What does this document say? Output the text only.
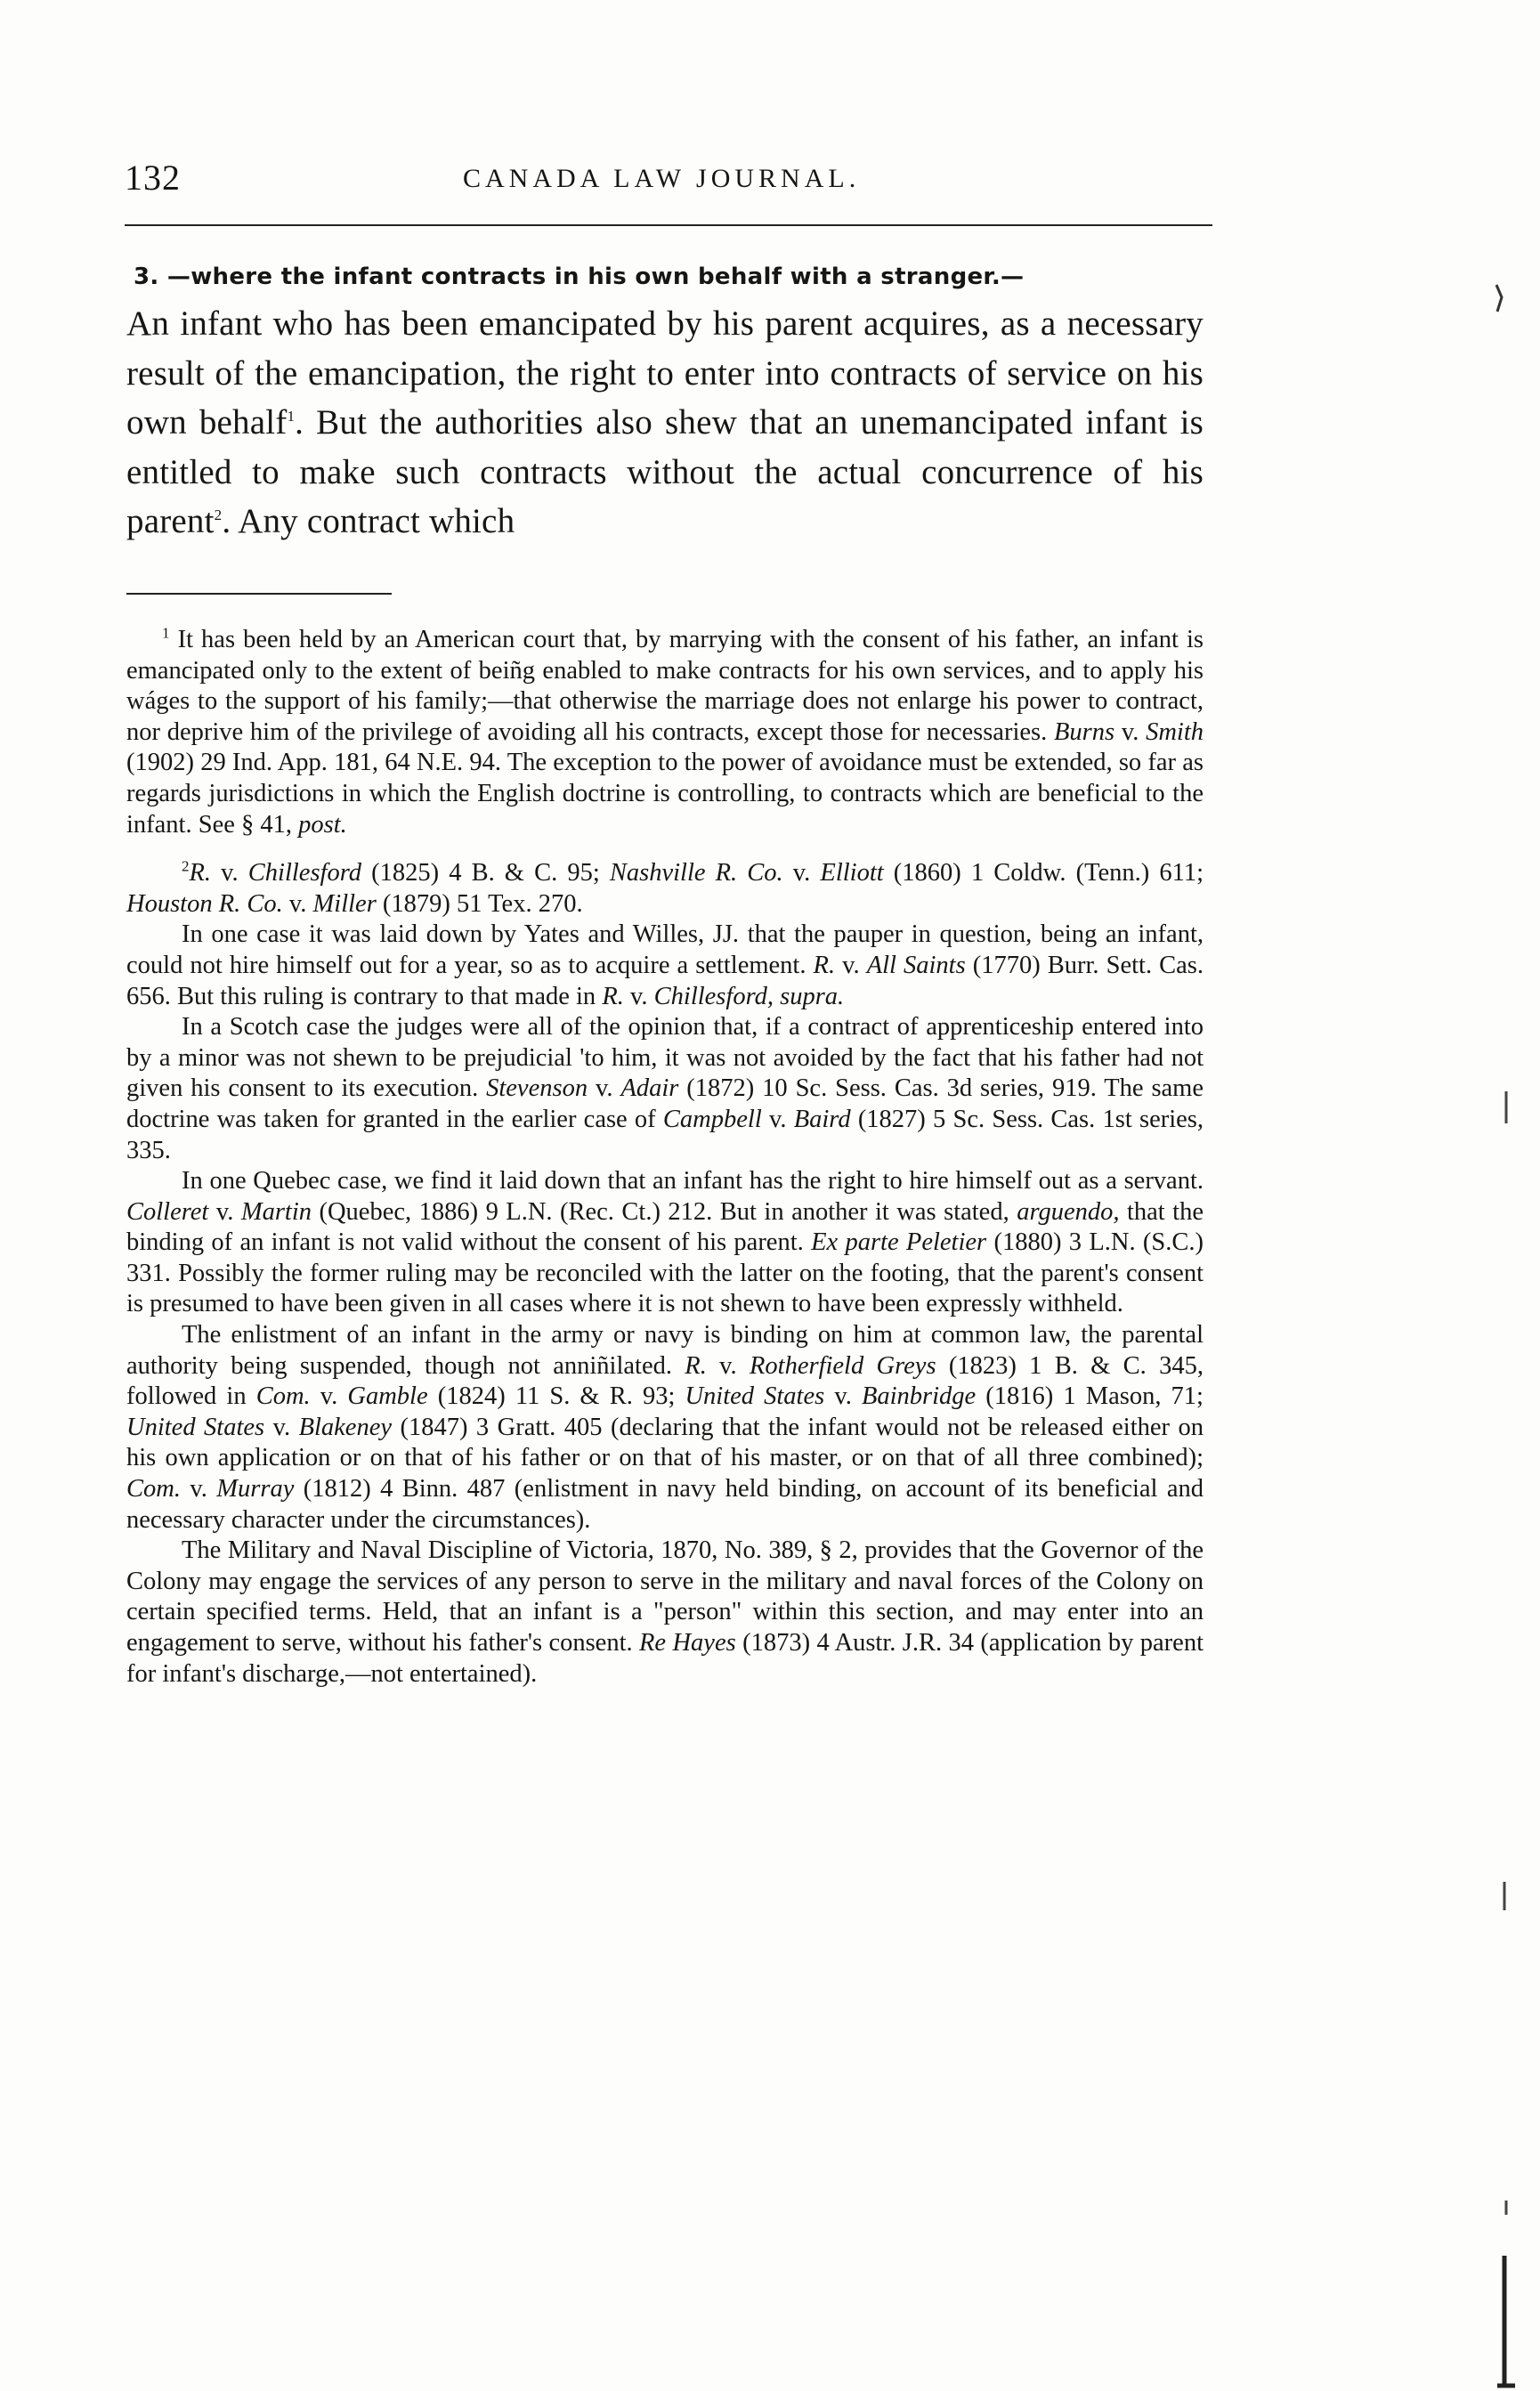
132	CANADA LAW JOURNAL.
3. —where the infant contracts in his own behalf with a stranger.—

An infant who has been emancipated by his parent acquires, as a necessary result of the emancipation, the right to enter into contracts of service on his own behalf$^1$. But the authorities also shew that an unemancipated infant is entitled to make such contracts without the actual concurrence of his parent$^2$. Any contract which

$^1$ It has been held by an American court that, by marrying with the consent of his father, an infant is emancipated only to the extent of beiñg enabled to make contracts for his own services, and to apply his wáges to the support of his family;—that otherwise the marriage does not enlarge his power to contract, nor deprive him of the privilege of avoiding all his contracts, except those for necessaries. Burns v. Smith (1902) 29 Ind. App. 181, 64 N.E. 94. The exception to the power of avoidance must be extended, so far as regards jurisdictions in which the English doctrine is controlling, to contracts which are beneficial to the infant. See § 41, post.

$^2$R. v. Chillesford (1825) 4 B. & C. 95; Nashville R. Co. v. Elliott (1860) 1 Coldw. (Tenn.) 611; Houston R. Co. v. Miller (1879) 51 Tex. 270.

In one case it was laid down by Yates and Willes, JJ. that the pauper in question, being an infant, could not hire himself out for a year, so as to acquire a settlement. R. v. All Saints (1770) Burr. Sett. Cas. 656. But this ruling is contrary to that made in R. v. Chillesford, supra.

In a Scotch case the judges were all of the opinion that, if a contract of apprenticeship entered into by a minor was not shewn to be prejudicial 'to him, it was not avoided by the fact that his father had not given his consent to its execution. Stevenson v. Adair (1872) 10 Sc. Sess. Cas. 3d series, 919. The same doctrine was taken for granted in the earlier case of Campbell v. Baird (1827) 5 Sc. Sess. Cas. 1st series, 335.

In one Quebec case, we find it laid down that an infant has the right to hire himself out as a servant. Colleret v. Martin (Quebec, 1886) 9 L.N. (Rec. Ct.) 212. But in another it was stated, arguendo, that the binding of an infant is not valid without the consent of his parent. Ex parte Peletier (1880) 3 L.N. (S.C.) 331. Possibly the former ruling may be reconciled with the latter on the footing, that the parent's consent is presumed to have been given in all cases where it is not shewn to have been expressly withheld.

The enlistment of an infant in the army or navy is binding on him at common law, the parental authority being suspended, though not anniñilated. R. v. Rotherfield Greys (1823) 1 B. & C. 345, followed in Com. v. Gamble (1824) 11 S. & R. 93; United States v. Bainbridge (1816) 1 Mason, 71; United States v. Blakeney (1847) 3 Gratt. 405 (declaring that the infant would not be released either on his own application or on that of his father or on that of his master, or on that of all three combined); Com. v. Murray (1812) 4 Binn. 487 (enlistment in navy held binding, on account of its beneficial and necessary character under the circumstances).

The Military and Naval Discipline of Victoria, 1870, No. 389, § 2, provides that the Governor of the Colony may engage the services of any person to serve in the military and naval forces of the Colony on certain specified terms. Held, that an infant is a "person" within this section, and may enter into an engagement to serve, without his father's consent. Re Hayes (1873) 4 Austr. J.R. 34 (application by parent for infant's discharge,—not entertained).
